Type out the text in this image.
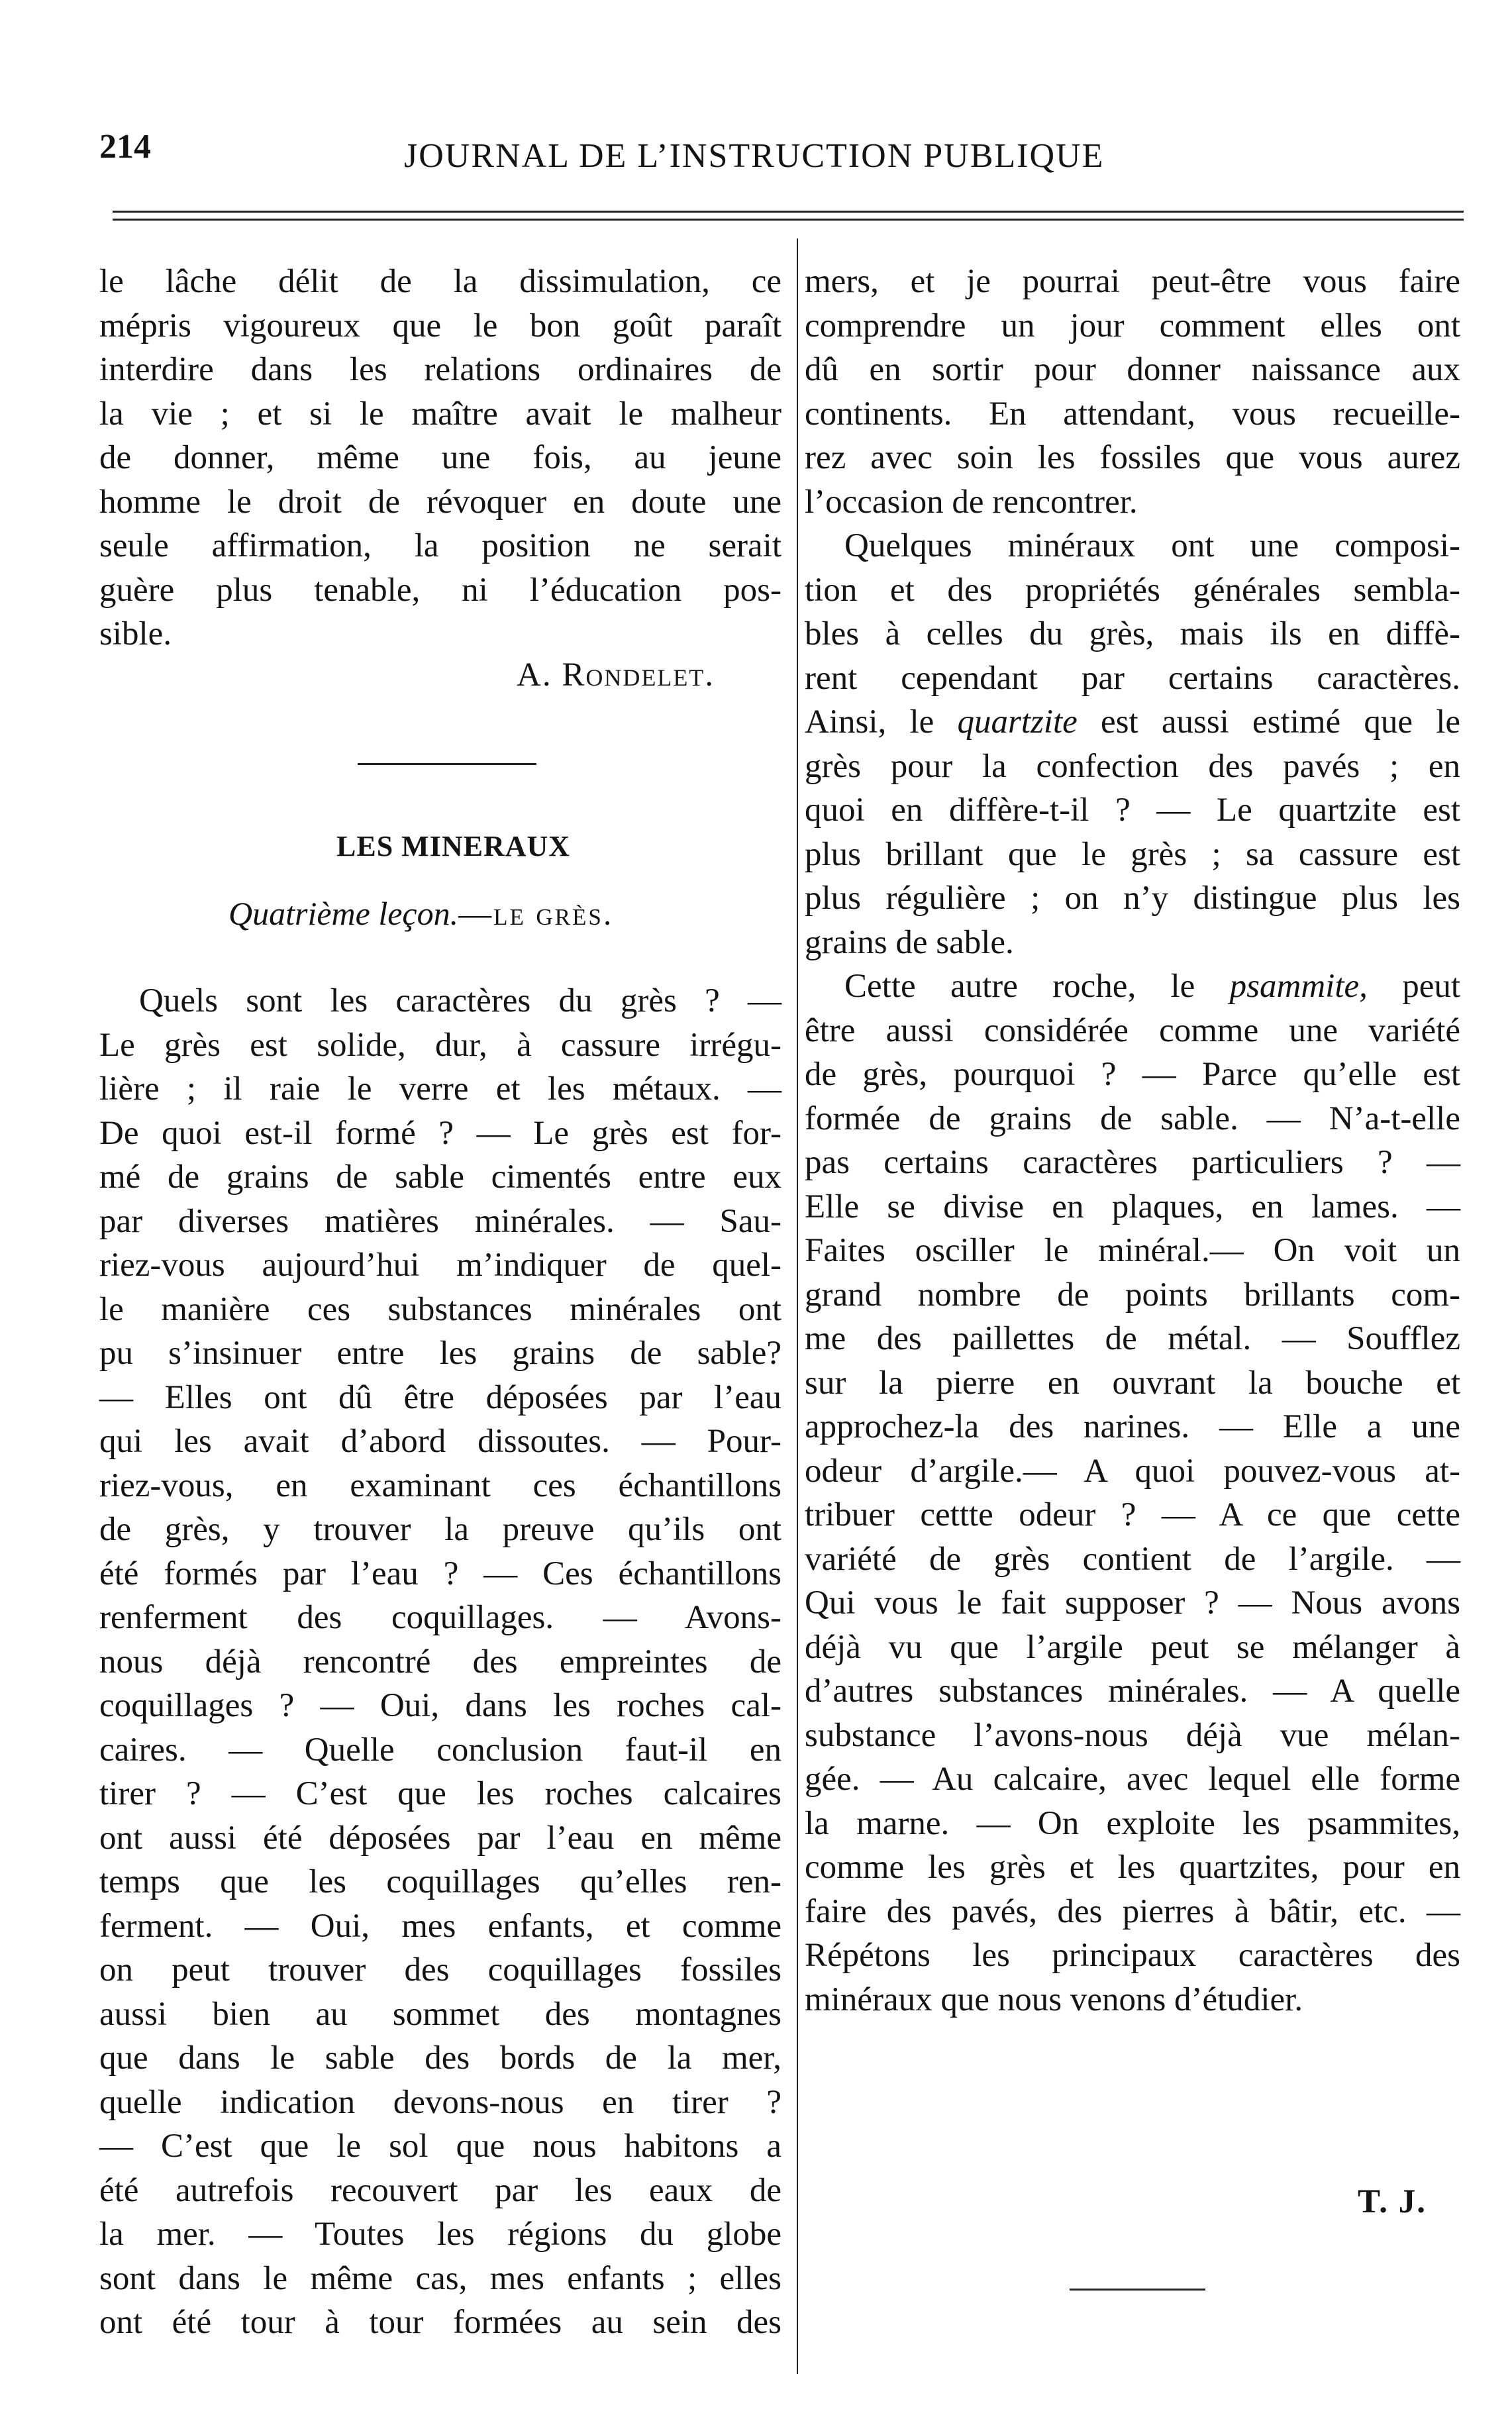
214	JOURNAL DE L’INSTRUCTION PUBLIQUE
le lâche délit de la dissimulation, ce
mépris vigoureux que le bon goût paraît
interdire dans les relations ordinaires de
la vie ; et si le maître avait le malheur
de donner, même une fois, au jeune
homme le droit de révoquer en doute une
seule affirmation, la position ne serait
guère plus tenable, ni l’éducation pos-
sible.
A. Rondelet.
LES MINERAUX
Quatrième leçon.—le grès.
Quels sont les caractères du grès ? —
Le grès est solide, dur, à cassure irrégu-
lière ; il raie le verre et les métaux. —
De quoi est-il formé ? — Le grès est for-
mé de grains de sable cimentés entre eux
par diverses matières minérales. — Sau-
riez-vous aujourd’hui m’indiquer de quel-
le manière ces substances minérales ont
pu s’insinuer entre les grains de sable?
— Elles ont dû être déposées par l’eau
qui les avait d’abord dissoutes. — Pour-
riez-vous, en examinant ces échantillons
de grès, y trouver la preuve qu’ils ont
été formés par l’eau ? — Ces échantillons
renferment des coquillages. — Avons-
nous déjà rencontré des empreintes de
coquillages ? — Oui, dans les roches cal-
caires. — Quelle conclusion faut-il en
tirer ? — C’est que les roches calcaires
ont aussi été déposées par l’eau en même
temps que les coquillages qu’elles ren-
ferment. — Oui, mes enfants, et comme
on peut trouver des coquillages fossiles
aussi bien au sommet des montagnes
que dans le sable des bords de la mer,
quelle indication devons-nous en tirer ?
— C’est que le sol que nous habitons a
été autrefois recouvert par les eaux de
la mer. — Toutes les régions du globe
sont dans le même cas, mes enfants ; elles
ont été tour à tour formées au sein des
mers, et je pourrai peut-être vous faire
comprendre un jour comment elles ont
dû en sortir pour donner naissance aux
continents. En attendant, vous recueille-
rez avec soin les fossiles que vous aurez
l’occasion de rencontrer.
Quelques minéraux ont une composi-
tion et des propriétés générales sembla-
bles à celles du grès, mais ils en diffè-
rent cependant par certains caractères.
Ainsi, le quartzite est aussi estimé que le
grès pour la confection des pavés ; en
quoi en diffère-t-il ? — Le quartzite est
plus brillant que le grès ; sa cassure est
plus régulière ; on n’y distingue plus les
grains de sable.
Cette autre roche, le psammite, peut
être aussi considérée comme une variété
de grès, pourquoi ? — Parce qu’elle est
formée de grains de sable. — N’a-t-elle
pas certains caractères particuliers ? —
Elle se divise en plaques, en lames. —
Faites osciller le minéral.— On voit un
grand nombre de points brillants com-
me des paillettes de métal. — Soufflez
sur la pierre en ouvrant la bouche et
approchez-la des narines. — Elle a une
odeur d’argile.— A quoi pouvez-vous at-
tribuer cettte odeur ? — A ce que cette
variété de grès contient de l’argile. —
Qui vous le fait supposer ? — Nous avons
déjà vu que l’argile peut se mélanger à
d’autres substances minérales. — A quelle
substance l’avons-nous déjà vue mélan-
gée. — Au calcaire, avec lequel elle forme
la marne. — On exploite les psammites,
comme les grès et les quartzites, pour en
faire des pavés, des pierres à bâtir, etc. —
Répétons les principaux caractères des
minéraux que nous venons d’étudier.
T. J.
